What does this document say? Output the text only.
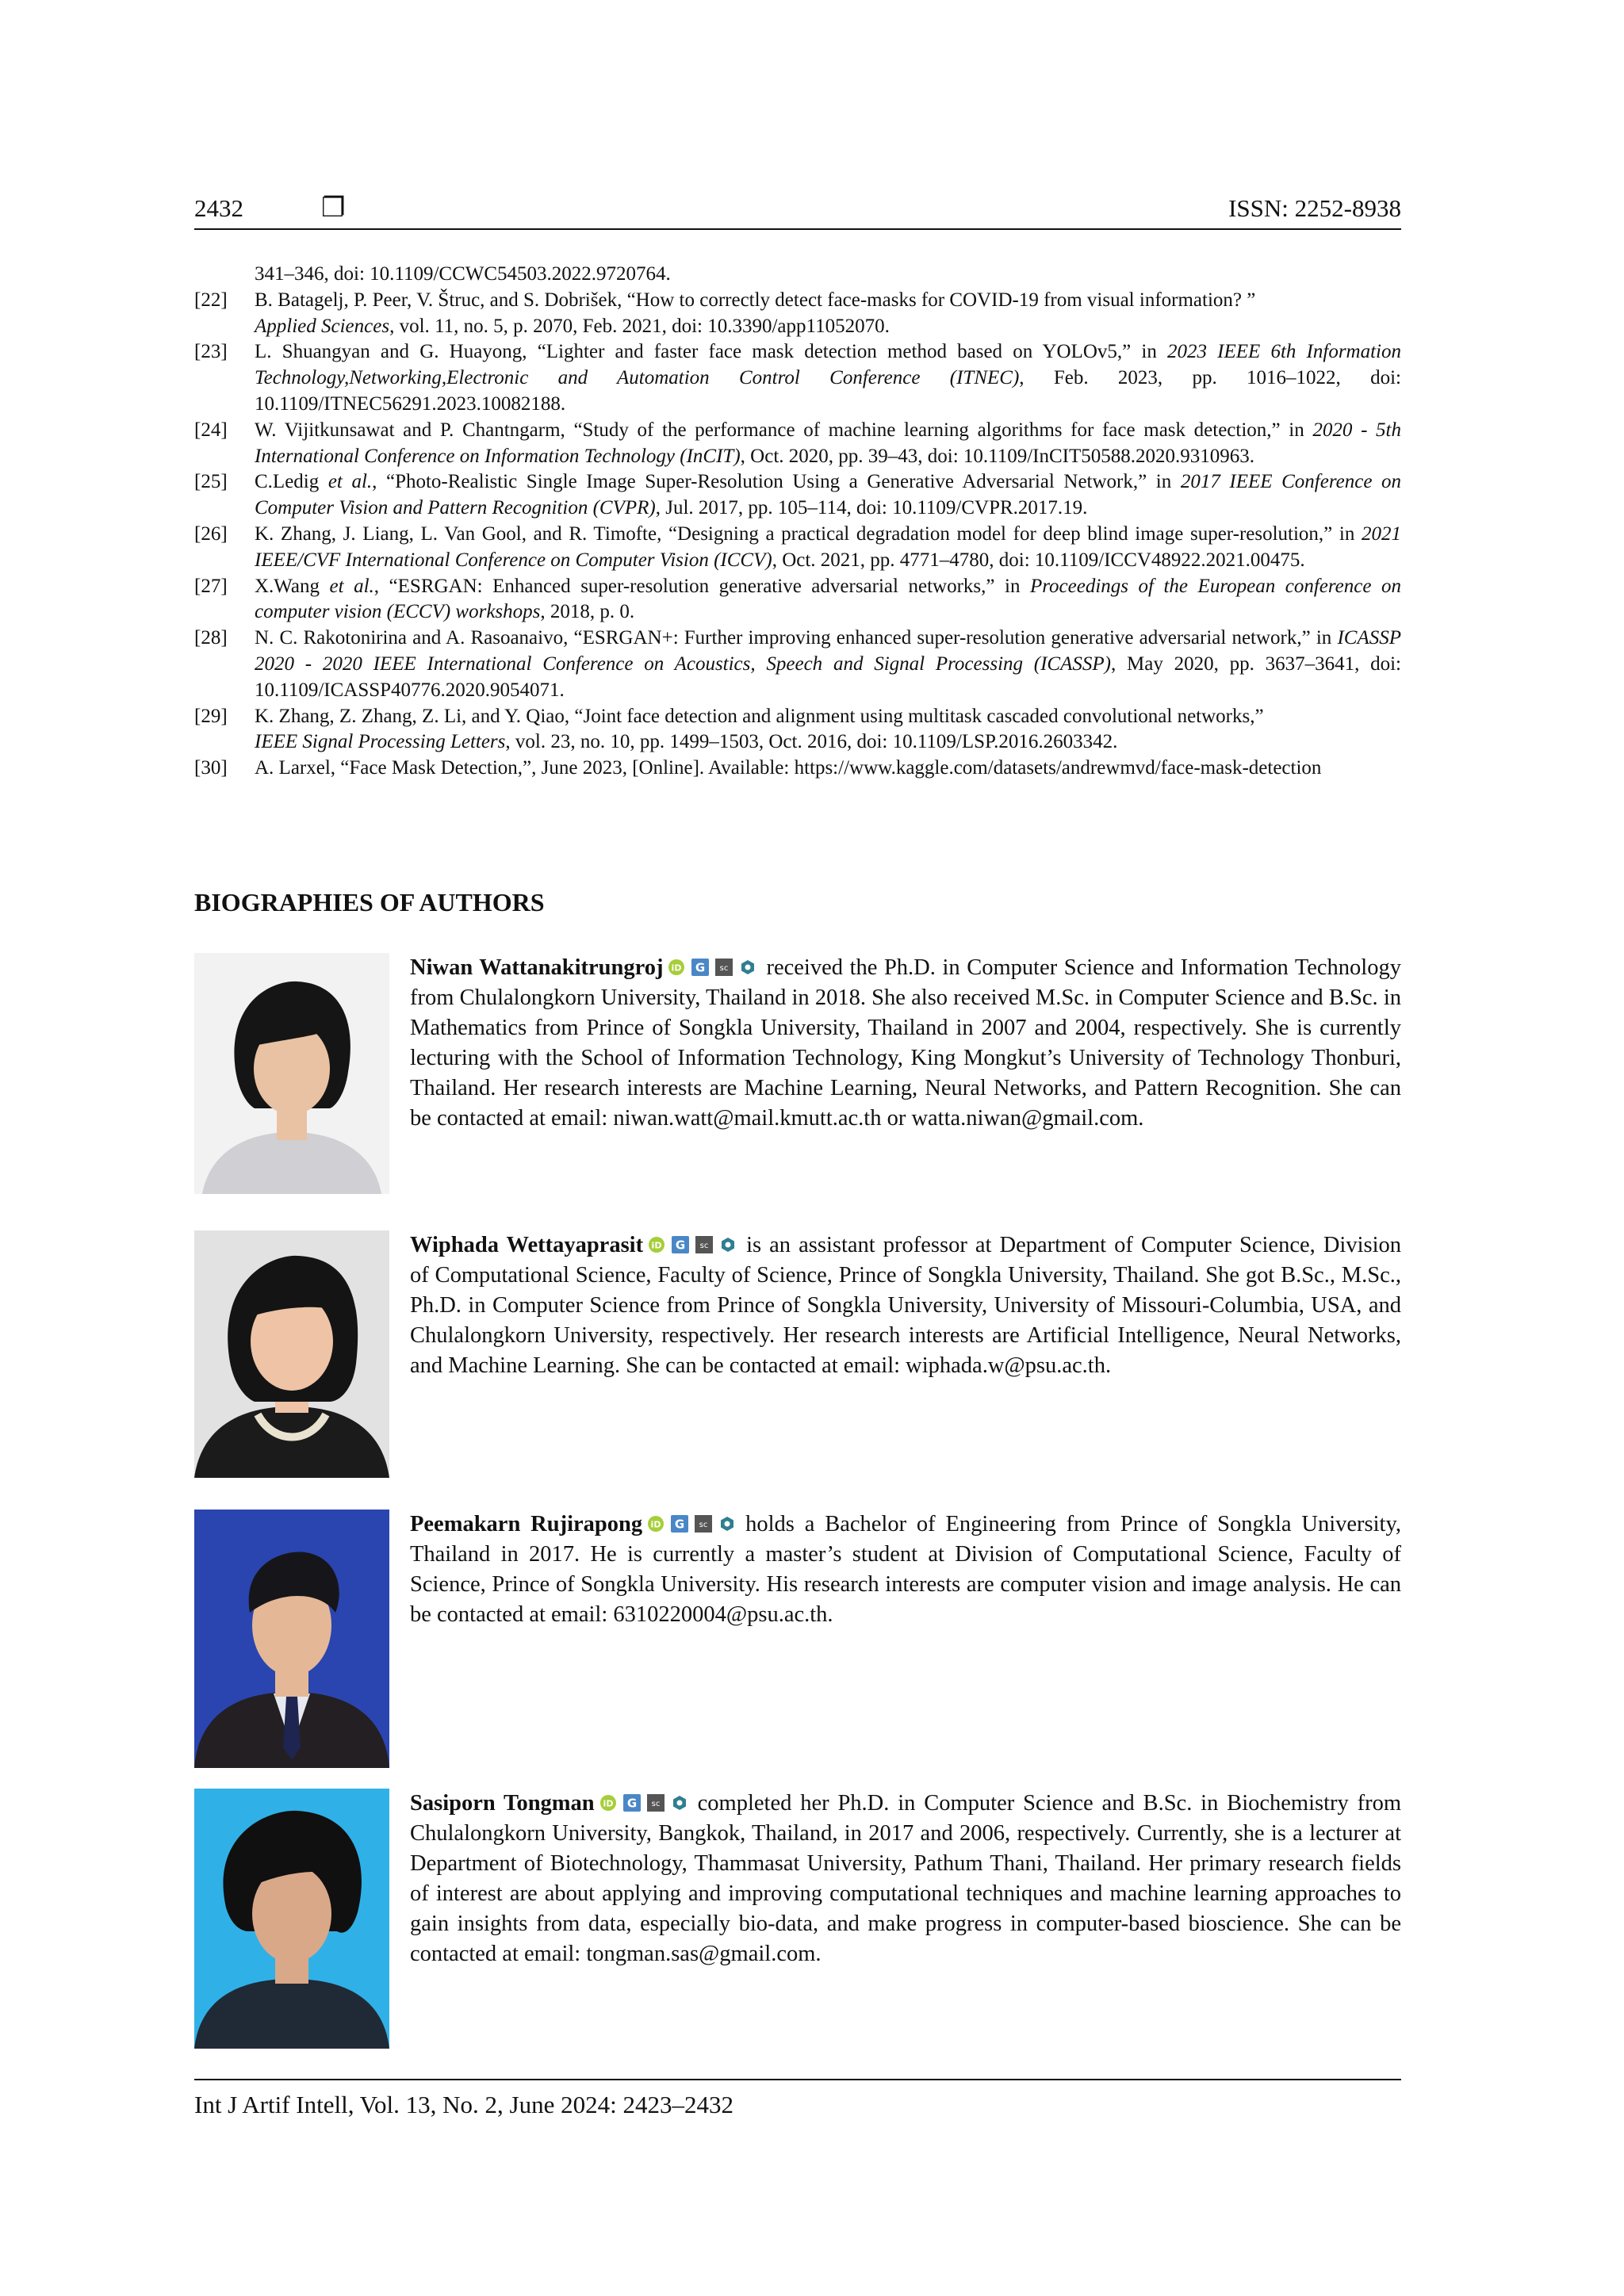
2432	❐	ISSN: 2252-8938
341–346, doi: 10.1109/CCWC54503.2022.9720764.
[22] B. Batagelj, P. Peer, V. Štruc, and S. Dobrišek, “How to correctly detect face-masks for COVID-19 from visual information? ”
Applied Sciences, vol. 11, no. 5, p. 2070, Feb. 2021, doi: 10.3390/app11052070.
[23] L. Shuangyan and G. Huayong, “Lighter and faster face mask detection method based on YOLOv5,” in 2023 IEEE 6th Information Technology,Networking,Electronic and Automation Control Conference (ITNEC), Feb. 2023, pp. 1016–1022, doi: 10.1109/ITNEC56291.2023.10082188.
[24] W. Vijitkunsawat and P. Chantngarm, “Study of the performance of machine learning algorithms for face mask detection,” in 2020 - 5th International Conference on Information Technology (InCIT), Oct. 2020, pp. 39–43, doi: 10.1109/InCIT50588.2020.9310963.
[25] C.Ledig et al., “Photo-Realistic Single Image Super-Resolution Using a Generative Adversarial Network,” in 2017 IEEE Conference on Computer Vision and Pattern Recognition (CVPR), Jul. 2017, pp. 105–114, doi: 10.1109/CVPR.2017.19.
[26] K. Zhang, J. Liang, L. Van Gool, and R. Timofte, “Designing a practical degradation model for deep blind image super-resolution,” in 2021 IEEE/CVF International Conference on Computer Vision (ICCV), Oct. 2021, pp. 4771–4780, doi: 10.1109/ICCV48922.2021.00475.
[27] X.Wang et al., “ESRGAN: Enhanced super-resolution generative adversarial networks,” in Proceedings of the European conference on computer vision (ECCV) workshops, 2018, p. 0.
[28] N. C. Rakotonirina and A. Rasoanaivo, “ESRGAN+: Further improving enhanced super-resolution generative adversarial network,” in ICASSP 2020 - 2020 IEEE International Conference on Acoustics, Speech and Signal Processing (ICASSP), May 2020, pp. 3637–3641, doi: 10.1109/ICASSP40776.2020.9054071.
[29] K. Zhang, Z. Zhang, Z. Li, and Y. Qiao, “Joint face detection and alignment using multitask cascaded convolutional networks,”
IEEE Signal Processing Letters, vol. 23, no. 10, pp. 1499–1503, Oct. 2016, doi: 10.1109/LSP.2016.2603342.
[30] A. Larxel, “Face Mask Detection,”, June 2023, [Online]. Available: https://www.kaggle.com/datasets/andrewmvd/face-mask-detection
BIOGRAPHIES OF AUTHORS
Niwan Wattanakitrungroj iD G sc received the Ph.D. in Computer Science and Information Technology from Chulalongkorn University, Thailand in 2018. She also received M.Sc. in Computer Science and B.Sc. in Mathematics from Prince of Songkla University, Thailand in 2007 and 2004, respectively. She is currently lecturing with the School of Information Technology, King Mongkut’s University of Technology Thonburi, Thailand. Her research interests are Machine Learning, Neural Networks, and Pattern Recognition. She can be contacted at email: niwan.watt@mail.kmutt.ac.th or watta.niwan@gmail.com.
Wiphada Wettayaprasit iD G sc is an assistant professor at Department of Computer Science, Division of Computational Science, Faculty of Science, Prince of Songkla University, Thailand. She got B.Sc., M.Sc., Ph.D. in Computer Science from Prince of Songkla University, University of Missouri-Columbia, USA, and Chulalongkorn University, respectively. Her research interests are Artificial Intelligence, Neural Networks, and Machine Learning. She can be contacted at email: wiphada.w@psu.ac.th.
Peemakarn Rujirapong iD G sc holds a Bachelor of Engineering from Prince of Songkla University, Thailand in 2017. He is currently a master’s student at Division of Computational Science, Faculty of Science, Prince of Songkla University. His research interests are computer vision and image analysis. He can be contacted at email: 6310220004@psu.ac.th.
Sasiporn Tongman iD G sc completed her Ph.D. in Computer Science and B.Sc. in Biochemistry from Chulalongkorn University, Bangkok, Thailand, in 2017 and 2006, respectively. Currently, she is a lecturer at Department of Biotechnology, Thammasat University, Pathum Thani, Thailand. Her primary research fields of interest are about applying and improving computational techniques and machine learning approaches to gain insights from data, especially bio-data, and make progress in computer-based bioscience. She can be contacted at email: tongman.sas@gmail.com.
Int J Artif Intell, Vol. 13, No. 2, June 2024: 2423–2432
